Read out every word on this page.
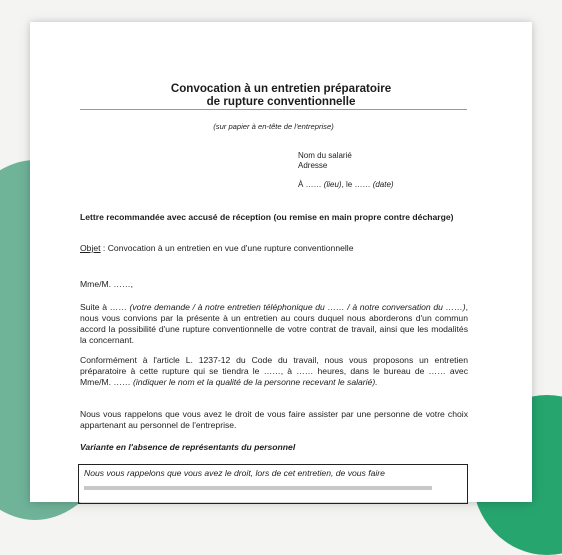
Convocation à un entretien préparatoire
de rupture conventionnelle
(sur papier à en-tête de l'entreprise)
Nom du salarié
Adresse
À …… (lieu), le …… (date)
Lettre recommandée avec accusé de réception (ou remise en main propre contre décharge)
Objet : Convocation à un entretien en vue d'une rupture conventionnelle
Mme/M. ……,
Suite à …… (votre demande / à notre entretien téléphonique du …… / à notre conversation du ……), nous vous convions par la présente à un entretien au cours duquel nous aborderons d'un commun accord la possibilité d'une rupture conventionnelle de votre contrat de travail, ainsi que les modalités la concernant.
Conformément à l'article L. 1237-12 du Code du travail, nous vous proposons un entretien préparatoire à cette rupture qui se tiendra le ……, à …… heures, dans le bureau de …… avec Mme/M. …… (indiquer le nom et la qualité de la personne recevant le salarié).
Nous vous rappelons que vous avez le droit de vous faire assister par une personne de votre choix appartenant au personnel de l'entreprise.
Variante en l'absence de représentants du personnel
Nous vous rappelons que vous avez le droit, lors de cet entretien, de vous faire
